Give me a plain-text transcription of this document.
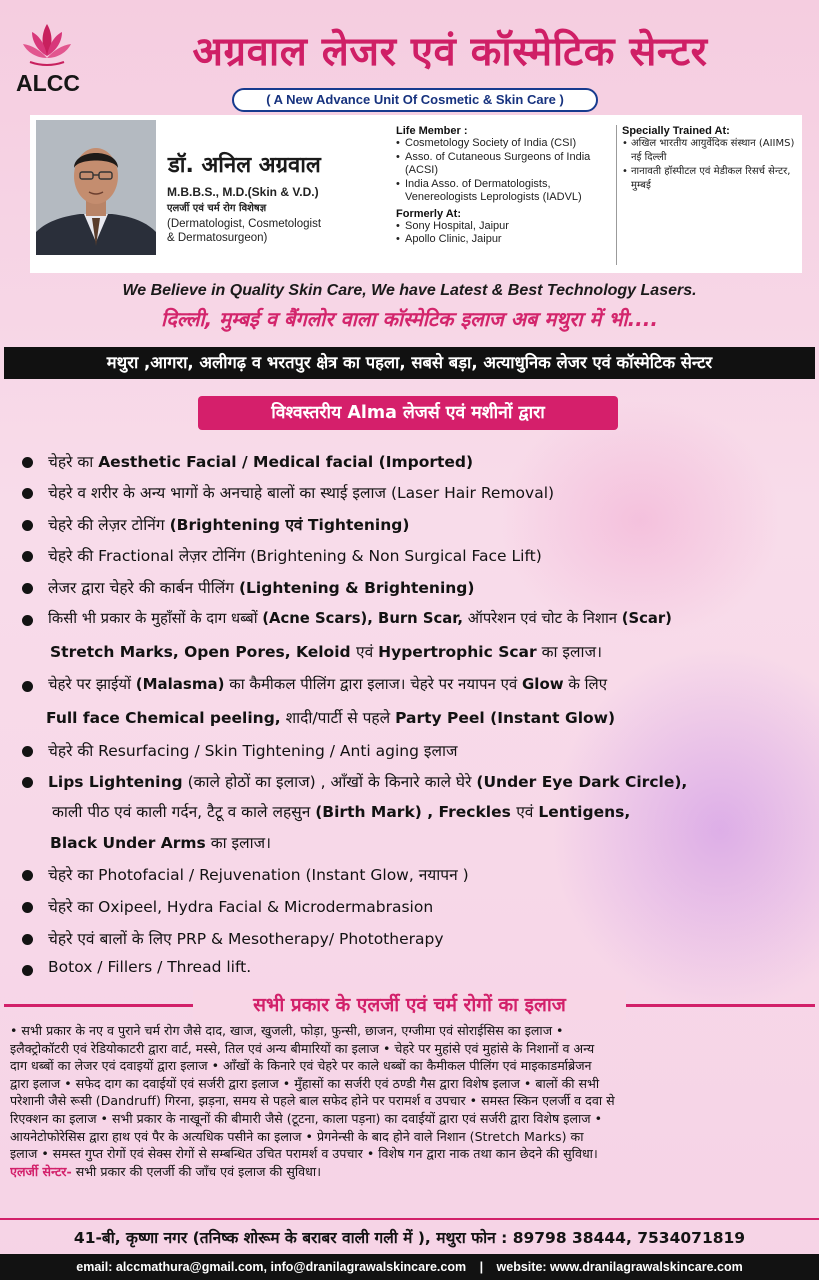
ALCC
अग्रवाल लेजर एवं कॉस्मेटिक सेन्टर
( A New Advance Unit Of Cosmetic & Skin Care )
डॉ. अनिल अग्रवाल
M.B.B.S., M.D.(Skin & V.D.)
एलर्जी एवं चर्म रोग विशेषज्ञ
(Dermatologist, Cosmetologist
& Dermatosurgeon)
Life Member :
• Cosmetology Society of India (CSI)
• Asso. of Cutaneous Surgeons of India (ACSI)
• India Asso. of Dermatologists, Venereologists Leprologists (IADVL)
Formerly At:
• Sony Hospital, Jaipur
• Apollo Clinic, Jaipur
Specially Trained At:
• अखिल भारतीय आयुर्वेदिक संस्थान (AIIMS) नई दिल्ली
• नानावती हॉस्पीटल एवं मेडीकल रिसर्च सेन्टर, मुम्बई
We Believe in Quality Skin Care, We have Latest & Best Technology Lasers.
दिल्ली, मुम्बई व बैंगलोर वाला कॉस्मेटिक इलाज अब मथुरा में भी....
मथुरा ,आगरा, अलीगढ़ व भरतपुर क्षेत्र का पहला, सबसे बड़ा, अत्याधुनिक लेजर एवं कॉस्मेटिक सेन्टर
विश्वस्तरीय Alma लेजर्स एवं मशीनों द्वारा
चेहरे का Aesthetic Facial / Medical facial (Imported)
चेहरे व शरीर के अन्य भागों के अनचाहे बालों का स्थाई इलाज (Laser Hair Removal)
चेहरे की लेज़र टोनिंग (Brightening एवं Tightening)
चेहरे की Fractional लेज़र टोनिंग (Brightening & Non Surgical Face Lift)
लेजर द्वारा चेहरे की कार्बन पीलिंग (Lightening & Brightening)
किसी भी प्रकार के मुहाँसों के दाग धब्बों (Acne Scars), Burn Scar, ऑपरेशन एवं चोट के निशान (Scar)
Stretch Marks, Open Pores, Keloid एवं Hypertrophic Scar का इलाज।
चेहरे पर झाईयों (Malasma) का कैमीकल पीलिंग द्वारा इलाज। चेहरे पर नयापन एवं Glow के लिए
Full face Chemical peeling, शादी/पार्टी से पहले Party Peel (Instant Glow)
चेहरे की Resurfacing / Skin Tightening / Anti aging इलाज
Lips Lightening (काले होठों का इलाज) , आँखों के किनारे काले घेरे (Under Eye Dark Circle),
काली पीठ एवं काली गर्दन, टैटू व काले लहसुन (Birth Mark) , Freckles एवं Lentigens,
Black Under Arms का इलाज।
चेहरे का Photofacial / Rejuvenation (Instant Glow, नयापन )
चेहरे का Oxipeel, Hydra Facial & Microdermabrasion
चेहरे एवं बालों के लिए PRP & Mesotherapy/ Phototherapy
Botox / Fillers / Thread lift.
सभी प्रकार के एलर्जी एवं चर्म रोगों का इलाज

• सभी प्रकार के नए व पुराने चर्म रोग जैसे दाद, खाज, खुजली, फोड़ा, फुन्सी, छाजन, एग्जीमा एवं सोराईसिस का इलाज •

इलैक्ट्रोकॉटरी एवं रेडियोकाटरी द्वारा वार्ट, मस्से, तिल एवं अन्य बीमारियों का इलाज • चेहरे पर मुहांसे एवं मुहांसे के निशानों व अन्य

दाग धब्बों का लेजर एवं दवाइयों द्वारा इलाज • आँखों के किनारे एवं चेहरे पर काले धब्बों का कैमीकल पीलिंग एवं माइकाडर्माब्रेजन

द्वारा इलाज • सफेद दाग का दवाईयों एवं सर्जरी द्वारा इलाज • मुँहासों का सर्जरी एवं ठण्डी गैस द्वारा विशेष इलाज • बालों की सभी

परेशानी जैसे रूसी (Dandruff) गिरना, झड़ना, समय से पहले बाल सफेद होने पर परामर्श व उपचार • समस्त स्किन एलर्जी व दवा से

रिएक्शन का इलाज • सभी प्रकार के नाखूनों की बीमारी जैसे (टूटना, काला पड़ना) का दवाईयों द्वारा एवं सर्जरी द्वारा विशेष इलाज •

आयनेटोफोरेसिस द्वारा हाथ एवं पैर के अत्यधिक पसीने का इलाज • प्रेगनेन्सी के बाद होने वाले निशान (Stretch Marks) का

इलाज • समस्त गुप्त रोगों एवं सेक्स रोगों से सम्बन्धित उचित परामर्श व उपचार • विशेष गन द्वारा नाक तथा कान छेदने की सुविधा।

एलर्जी सेन्टर- सभी प्रकार की एलर्जी की जाँच एवं इलाज की सुविधा।

41-बी, कृष्णा नगर (तनिष्क शोरूम के बराबर वाली गली में ), मथुरा फोन : 89798 38444, 7534071819
email: alccmathura@gmail.com, info@dranilagrawalskincare.com | website: www.dranilagrawalskincare.com
